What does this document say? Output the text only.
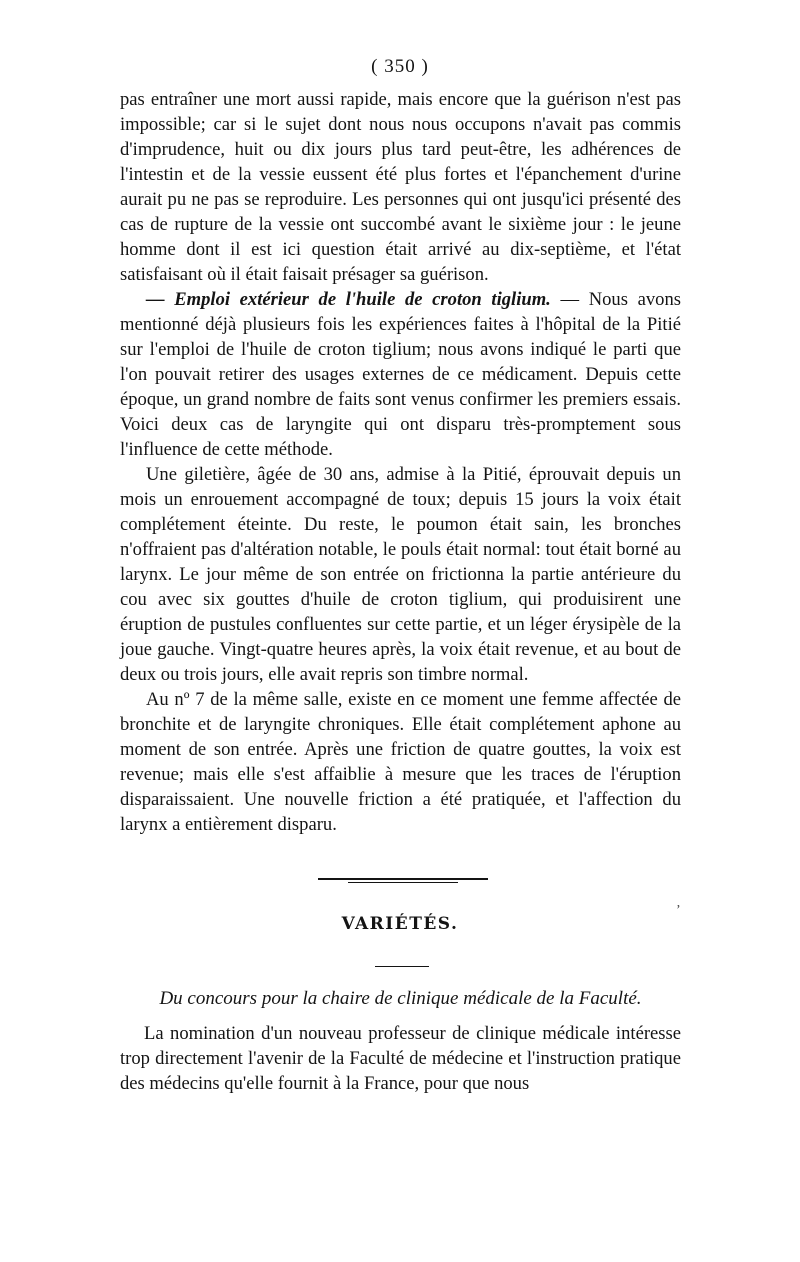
( 350 )

pas entraîner une mort aussi rapide, mais encore que la guérison n'est pas impossible; car si le sujet dont nous nous occupons n'avait pas commis d'imprudence, huit ou dix jours plus tard peut-être, les adhérences de l'intestin et de la vessie eussent été plus fortes et l'épanchement d'urine aurait pu ne pas se reproduire. Les personnes qui ont jusqu'ici présenté des cas de rupture de la vessie ont succombé avant le sixième jour : le jeune homme dont il est ici question était arrivé au dix-septième, et l'état satisfaisant où il était faisait présager sa guérison.

— Emploi extérieur de l'huile de croton tiglium. — Nous avons mentionné déjà plusieurs fois les expériences faites à l'hôpital de la Pitié sur l'emploi de l'huile de croton tiglium; nous avons indiqué le parti que l'on pouvait retirer des usages externes de ce médicament. Depuis cette époque, un grand nombre de faits sont venus confirmer les premiers essais. Voici deux cas de laryngite qui ont disparu très-promptement sous l'influence de cette méthode.

Une giletière, âgée de 30 ans, admise à la Pitié, éprouvait depuis un mois un enrouement accompagné de toux; depuis 15 jours la voix était complétement éteinte. Du reste, le poumon était sain, les bronches n'offraient pas d'altération notable, le pouls était normal: tout était borné au larynx. Le jour même de son entrée on frictionna la partie antérieure du cou avec six gouttes d'huile de croton tiglium, qui produisirent une éruption de pustules confluentes sur cette partie, et un léger érysipèle de la joue gauche. Vingt-quatre heures après, la voix était revenue, et au bout de deux ou trois jours, elle avait repris son timbre normal.

Au nº 7 de la même salle, existe en ce moment une femme affectée de bronchite et de laryngite chroniques. Elle était complétement aphone au moment de son entrée. Après une friction de quatre gouttes, la voix est revenue; mais elle s'est affaiblie à mesure que les traces de l'éruption disparaissaient. Une nouvelle friction a été pratiquée, et l'affection du larynx a entièrement disparu.

ʼ
VARIÉTÉS.
Du concours pour la chaire de clinique médicale de la Faculté.

La nomination d'un nouveau professeur de clinique médicale intéresse trop directement l'avenir de la Faculté de médecine et l'instruction pratique des médecins qu'elle fournit à la France, pour que nous
